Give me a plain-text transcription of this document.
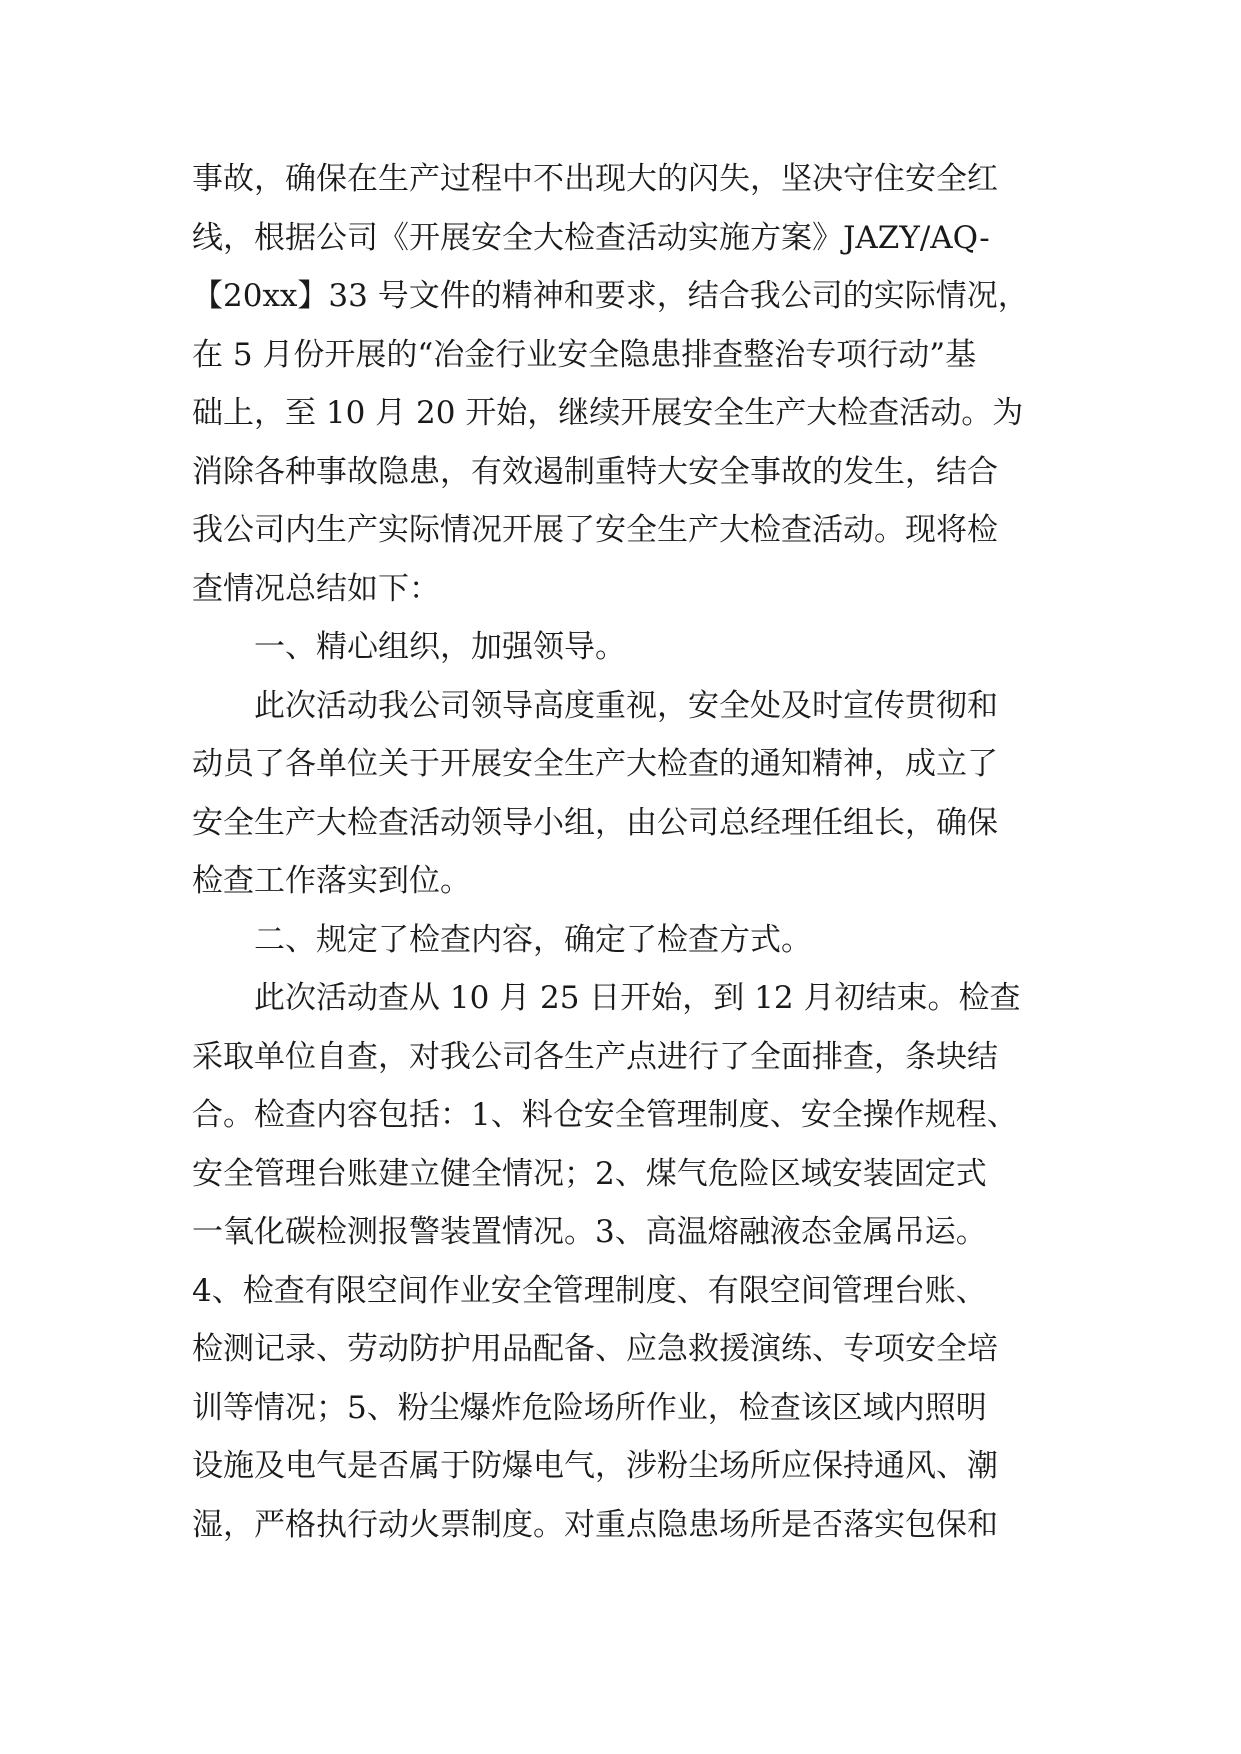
事故，确保在生产过程中不出现大的闪失，坚决守住安全红
线，根据公司《开展安全大检查活动实施方案》JAZY/AQ-
【20xx】33 号文件的精神和要求，结合我公司的实际情况，
在 5 月份开展的“冶金行业安全隐患排查整治专项行动”基
础上，至 10 月 20 开始，继续开展安全生产大检查活动。为
消除各种事故隐患，有效遏制重特大安全事故的发生，结合
我公司内生产实际情况开展了安全生产大检查活动。现将检
查情况总结如下：
一、精心组织，加强领导。
此次活动我公司领导高度重视，安全处及时宣传贯彻和
动员了各单位关于开展安全生产大检查的通知精神，成立了
安全生产大检查活动领导小组，由公司总经理任组长，确保
检查工作落实到位。
二、规定了检查内容，确定了检查方式。
此次活动查从 10 月 25 日开始，到 12 月初结束。检查
采取单位自查，对我公司各生产点进行了全面排查，条块结
合。检查内容包括：1、料仓安全管理制度、安全操作规程、
安全管理台账建立健全情况；2、煤气危险区域安装固定式
一氧化碳检测报警装置情况。3、高温熔融液态金属吊运。
4、检查有限空间作业安全管理制度、有限空间管理台账、
检测记录、劳动防护用品配备、应急救援演练、专项安全培
训等情况；5、粉尘爆炸危险场所作业，检查该区域内照明
设施及电气是否属于防爆电气，涉粉尘场所应保持通风、潮
湿，严格执行动火票制度。对重点隐患场所是否落实包保和
